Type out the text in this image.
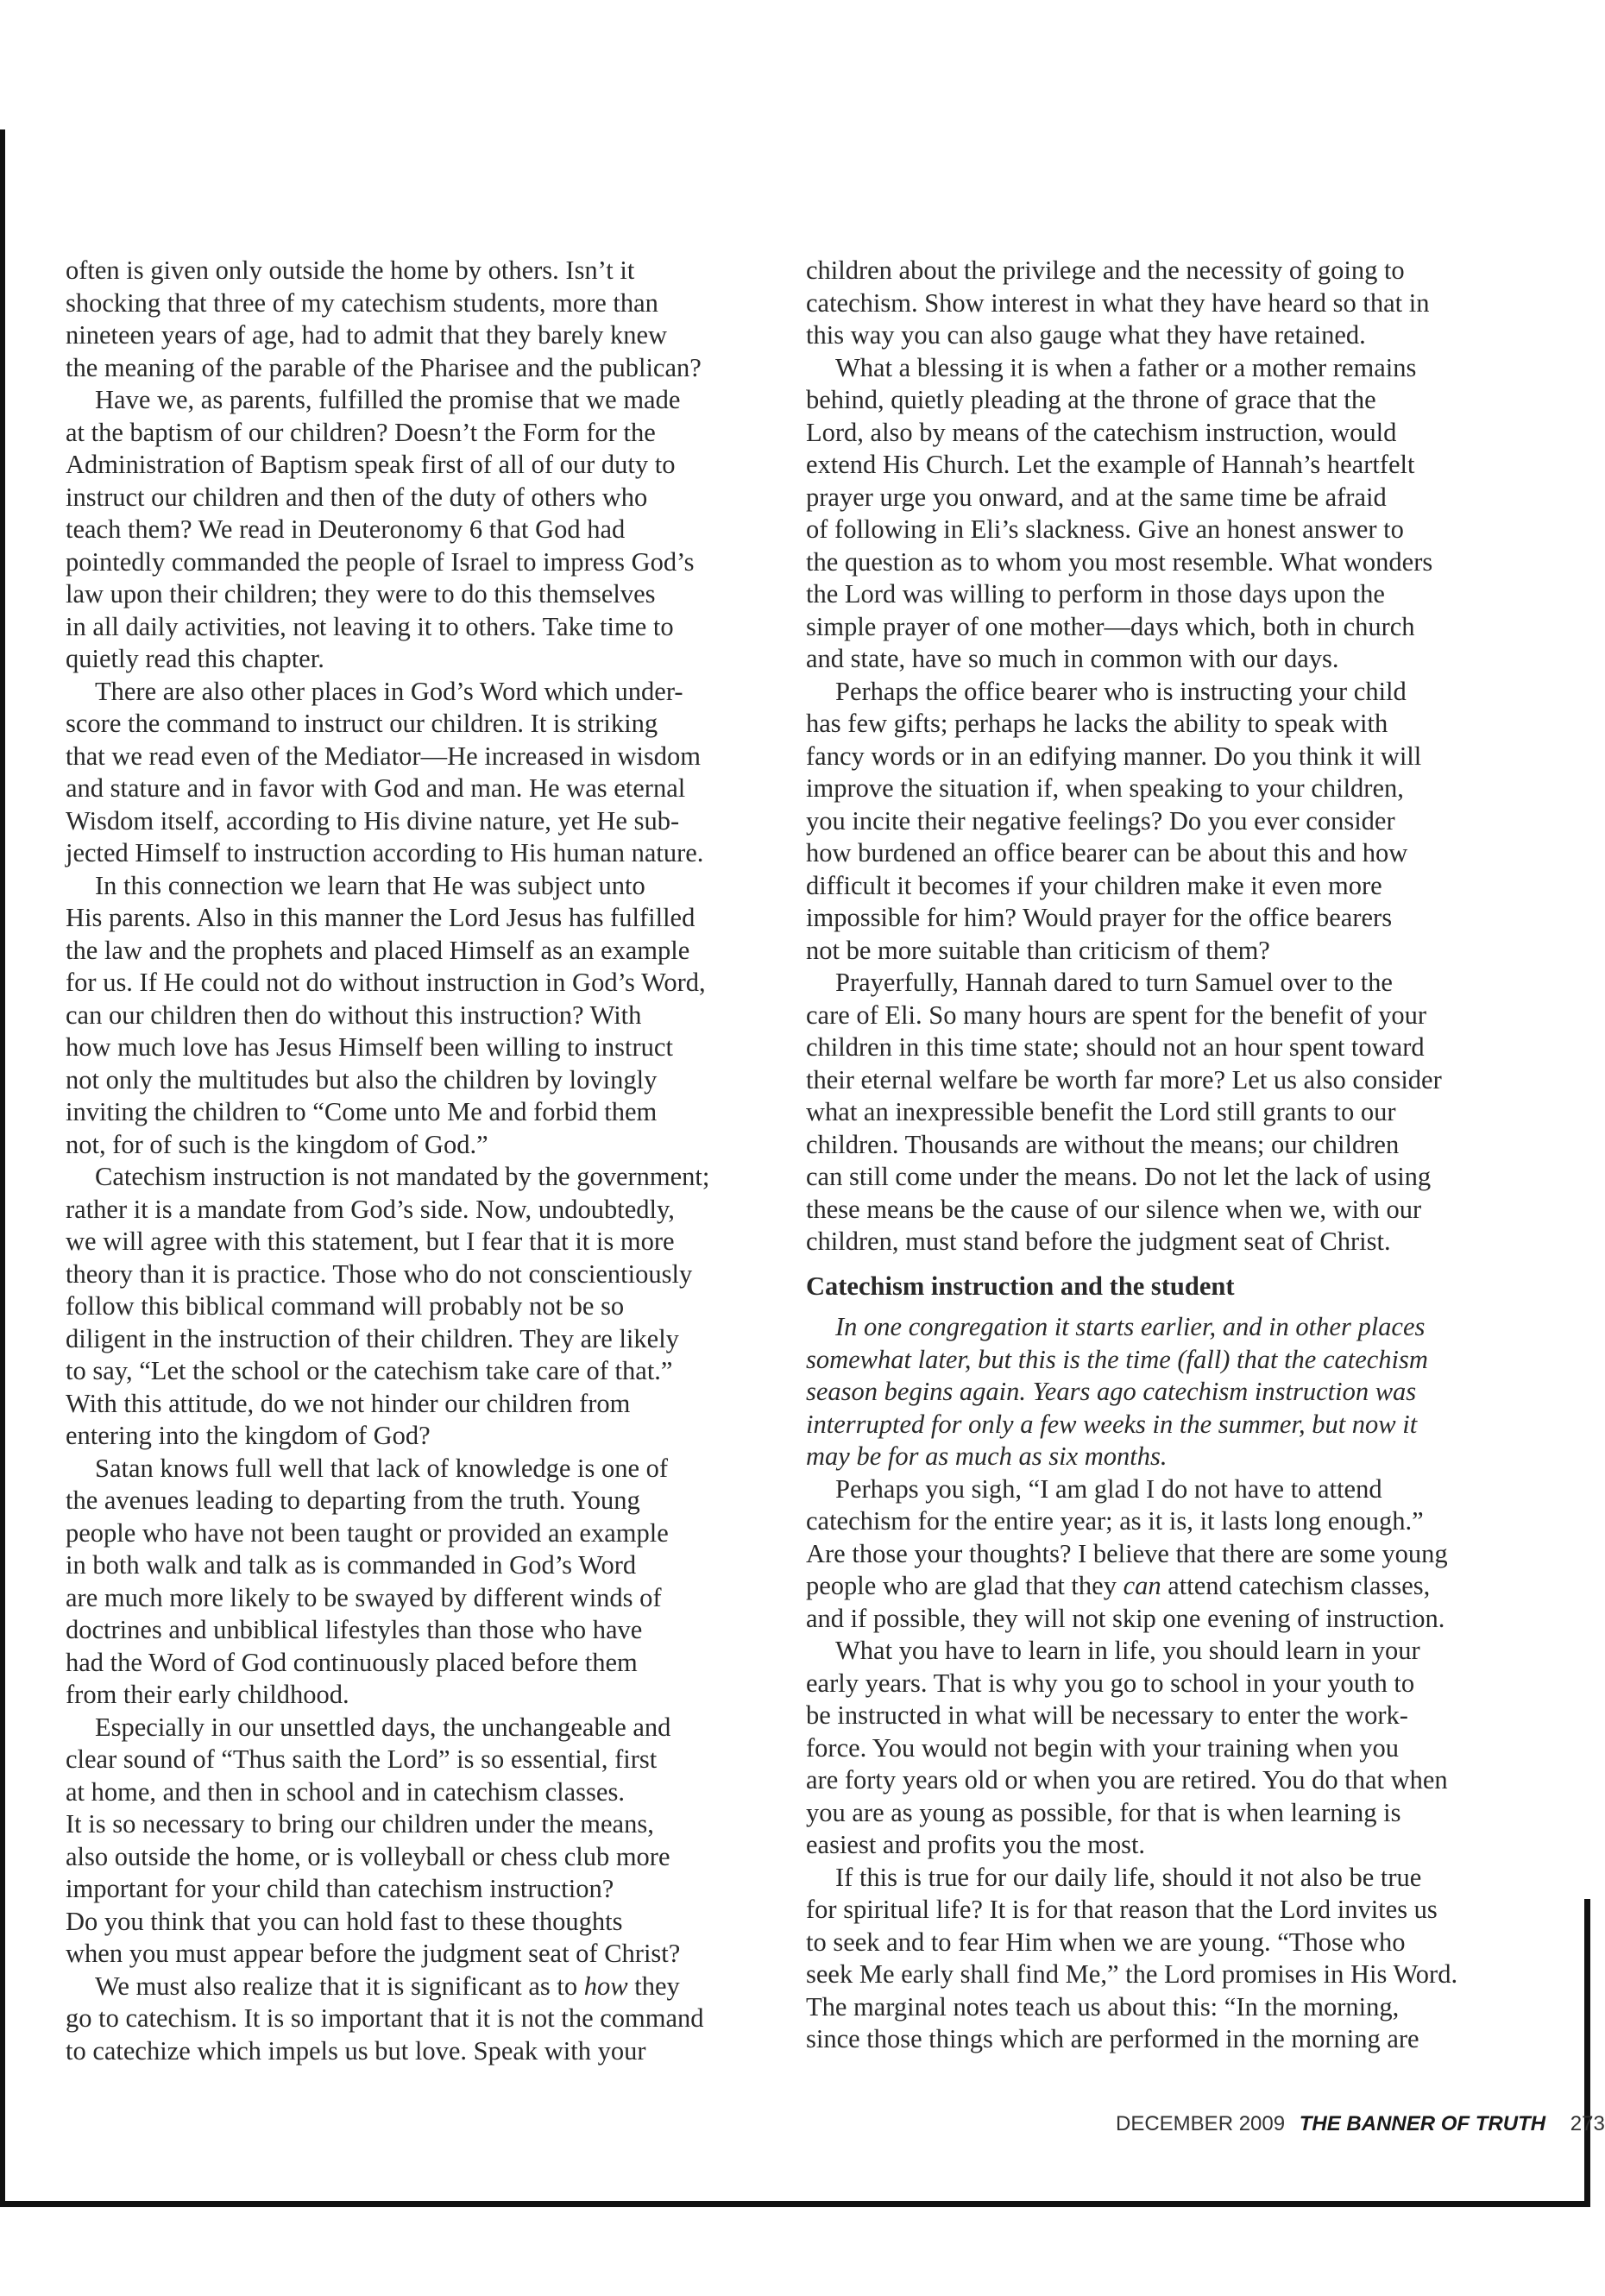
often is given only outside the home by others. Isn’t it
shocking that three of my catechism students, more than
nineteen years of age, had to admit that they barely knew
the meaning of the parable of the Pharisee and the publican?
Have we, as parents, fulfilled the promise that we made
at the baptism of our children? Doesn’t the Form for the
Administration of Baptism speak first of all of our duty to
instruct our children and then of the duty of others who
teach them? We read in Deuteronomy 6 that God had
pointedly commanded the people of Israel to impress God’s
law upon their children; they were to do this themselves
in all daily activities, not leaving it to others. Take time to
quietly read this chapter.
There are also other places in God’s Word which under-
score the command to instruct our children. It is striking
that we read even of the Mediator—He increased in wisdom
and stature and in favor with God and man. He was eternal
Wisdom itself, according to His divine nature, yet He sub-
jected Himself to instruction according to His human nature.
In this connection we learn that He was subject unto
His parents. Also in this manner the Lord Jesus has fulfilled
the law and the prophets and placed Himself as an example
for us. If He could not do without instruction in God’s Word,
can our children then do without this instruction? With
how much love has Jesus Himself been willing to instruct
not only the multitudes but also the children by lovingly
inviting the children to “Come unto Me and forbid them
not, for of such is the kingdom of God.”
Catechism instruction is not mandated by the government;
rather it is a mandate from God’s side. Now, undoubtedly,
we will agree with this statement, but I fear that it is more
theory than it is practice. Those who do not conscientiously
follow this biblical command will probably not be so
diligent in the instruction of their children. They are likely
to say, “Let the school or the catechism take care of that.”
With this attitude, do we not hinder our children from
entering into the kingdom of God?
Satan knows full well that lack of knowledge is one of
the avenues leading to departing from the truth. Young
people who have not been taught or provided an example
in both walk and talk as is commanded in God’s Word
are much more likely to be swayed by different winds of
doctrines and unbiblical lifestyles than those who have
had the Word of God continuously placed before them
from their early childhood.
Especially in our unsettled days, the unchangeable and
clear sound of “Thus saith the Lord” is so essential, first
at home, and then in school and in catechism classes.
It is so necessary to bring our children under the means,
also outside the home, or is volleyball or chess club more
important for your child than catechism instruction?
Do you think that you can hold fast to these thoughts
when you must appear before the judgment seat of Christ?
We must also realize that it is significant as to how they
go to catechism. It is so important that it is not the command
to catechize which impels us but love. Speak with your
children about the privilege and the necessity of going to
catechism. Show interest in what they have heard so that in
this way you can also gauge what they have retained.
What a blessing it is when a father or a mother remains
behind, quietly pleading at the throne of grace that the
Lord, also by means of the catechism instruction, would
extend His Church. Let the example of Hannah’s heartfelt
prayer urge you onward, and at the same time be afraid
of following in Eli’s slackness. Give an honest answer to
the question as to whom you most resemble. What wonders
the Lord was willing to perform in those days upon the
simple prayer of one mother—days which, both in church
and state, have so much in common with our days.
Perhaps the office bearer who is instructing your child
has few gifts; perhaps he lacks the ability to speak with
fancy words or in an edifying manner. Do you think it will
improve the situation if, when speaking to your children,
you incite their negative feelings? Do you ever consider
how burdened an office bearer can be about this and how
difficult it becomes if your children make it even more
impossible for him? Would prayer for the office bearers
not be more suitable than criticism of them?
Prayerfully, Hannah dared to turn Samuel over to the
care of Eli. So many hours are spent for the benefit of your
children in this time state; should not an hour spent toward
their eternal welfare be worth far more? Let us also consider
what an inexpressible benefit the Lord still grants to our
children. Thousands are without the means; our children
can still come under the means. Do not let the lack of using
these means be the cause of our silence when we, with our
children, must stand before the judgment seat of Christ.
Catechism instruction and the student
In one congregation it starts earlier, and in other places
somewhat later, but this is the time (fall) that the catechism
season begins again. Years ago catechism instruction was
interrupted for only a few weeks in the summer, but now it
may be for as much as six months.
Perhaps you sigh, “I am glad I do not have to attend
catechism for the entire year; as it is, it lasts long enough.”
Are those your thoughts? I believe that there are some young
people who are glad that they can attend catechism classes,
and if possible, they will not skip one evening of instruction.
What you have to learn in life, you should learn in your
early years. That is why you go to school in your youth to
be instructed in what will be necessary to enter the work-
force. You would not begin with your training when you
are forty years old or when you are retired. You do that when
you are as young as possible, for that is when learning is
easiest and profits you the most.
If this is true for our daily life, should it not also be true
for spiritual life? It is for that reason that the Lord invites us
to seek and to fear Him when we are young. “Those who
seek Me early shall find Me,” the Lord promises in His Word.
The marginal notes teach us about this: “In the morning,
since those things which are performed in the morning are
DECEMBER 2009 THE BANNER OF TRUTH 273
